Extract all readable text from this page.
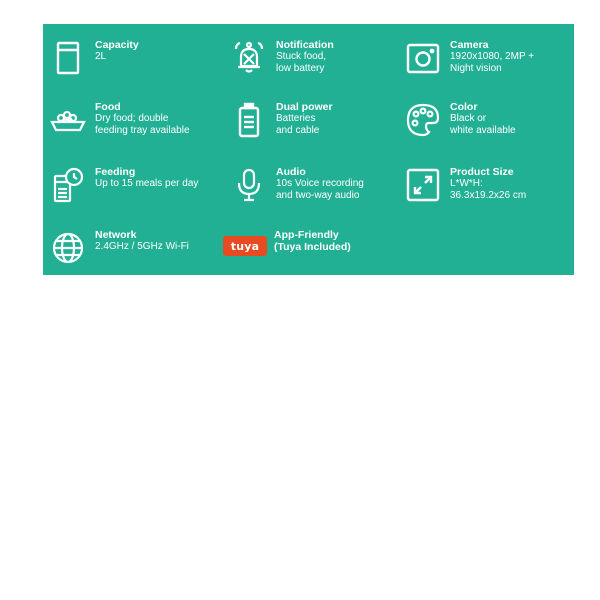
Capacity
2L
Notification
Stuck food,
low battery
Camera
1920x1080, 2MP +
Night vision
Food
Dry food; double
feeding tray available
Dual power
Batteries
and cable
Color
Black or
white available
Feeding
Up to 15 meals per day
Audio
10s Voice recording
and two-way audio
Product Size
L*W*H:
36.3x19.2x26 cm
Network
2.4GHz / 5GHz Wi-Fi	tuya
App-Friendly
(Tuya Included)
